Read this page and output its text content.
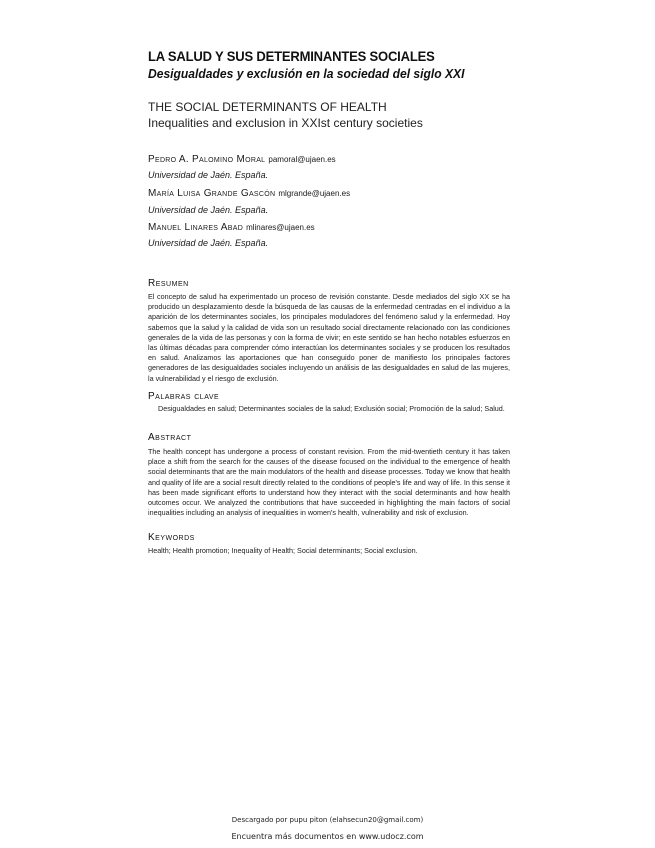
LA SALUD Y SUS DETERMINANTES SOCIALES
Desigualdades y exclusión en la sociedad del siglo XXI
THE SOCIAL DETERMINANTS OF HEALTH
Inequalities and exclusion in XXIst century societies
Pedro A. Palomino Moral pamoral@ujaen.es
Universidad de Jaén. España.
María Luisa Grande Gascón mlgrande@ujaen.es
Universidad de Jaén. España.
Manuel Linares Abad mlinares@ujaen.es
Universidad de Jaén. España.
Resumen
El concepto de salud ha experimentado un proceso de revisión constante. Desde mediados del siglo XX se ha producido un desplazamiento desde la búsqueda de las causas de la enfermedad centradas en el individuo a la aparición de los determinantes sociales, los principales moduladores del fenómeno salud y la enfermedad. Hoy sabemos que la salud y la calidad de vida son un resultado social directamente relacionado con las condiciones generales de la vida de las personas y con la forma de vivir; en este sentido se han hecho notables esfuerzos en las últimas décadas para comprender cómo interactúan los determinantes sociales y se producen los resultados en salud. Analizamos las aportaciones que han conseguido poner de manifiesto los principales factores generadores de las desigualdades sociales incluyendo un análisis de las desigualdades en salud de las mujeres, la vulnerabilidad y el riesgo de exclusión.
Palabras clave
Desigualdades en salud; Determinantes sociales de la salud; Exclusión social; Promoción de la salud; Salud.
Abstract
The health concept has undergone a process of constant revision. From the mid-twentieth century it has taken place a shift from the search for the causes of the disease focused on the individual to the emergence of health social determinants that are the main modulators of the health and disease processes. Today we know that health and quality of life are a social result directly related to the conditions of people's life and way of life. In this sense it has been made significant efforts to understand how they interact with the social determinants and how health outcomes occur. We analyzed the contributions that have succeeded in highlighting the main factors of social inequalities including an analysis of inequalities in women's health, vulnerability and risk of exclusion.
Keywords
Health; Health promotion; Inequality of Health; Social determinants; Social exclusion.
Descargado por pupu piton (elahsecun20@gmail.com)
Encuentra más documentos en www.udocz.com
